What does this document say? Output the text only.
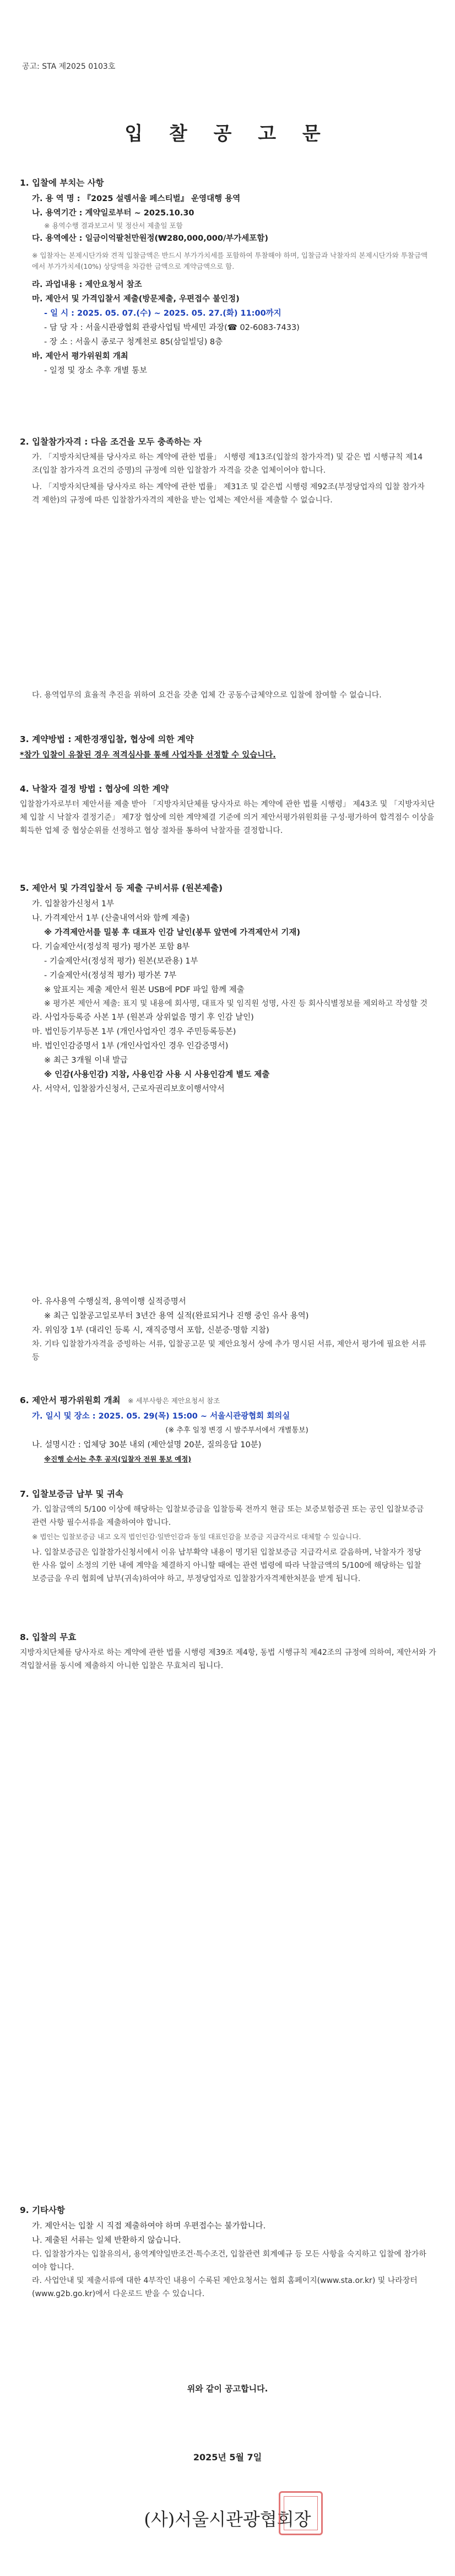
공고: STA 제2025 0103호
입 찰 공 고 문
1. 입찰에 부치는 사항
가. 용 역 명 : 『2025 설렘서울 페스티벌』 운영대행 용역
나. 용역기간 : 계약일로부터 ~ 2025.10.30
※ 용역수행 결과보고서 및 정산서 제출일 포함
다. 용역예산 : 일금이억팔천만원정(₩280,000,000/부가세포함)
※ 입찰자는 본제시단가와 견적 입찰금액은 반드시 부가가치세를 포함하여 투찰해야 하며, 입찰금과 낙찰자의 본제시단가와 투찰금액에서 부가가치세(10%) 상당액을 차감한 금액으로 계약금액으로 함.
라. 과업내용 : 제안요청서 참조
마. 제안서 및 가격입찰서 제출(방문제출, 우편접수 불인정)
- 일 시 : 2025. 05. 07.(수) ~ 2025. 05. 27.(화) 11:00까지
- 담 당 자 : 서울시관광협회 관광사업팀 박세민 과장(☎ 02-6083-7433)
- 장 소 : 서울시 종로구 청계천로 85(삼일빌딩) 8층
바. 제안서 평가위원회 개최
- 일정 및 장소 추후 개별 통보
2. 입찰참가자격 : 다음 조건을 모두 충족하는 자
가. 「지방자치단체를 당사자로 하는 계약에 관한 법률」 시행령 제13조(입찰의 참가자격) 및 같은 법 시행규칙 제14조(입찰 참가자격 요건의 증명)의 규정에 의한 입찰참가 자격을 갖춘 업체이어야 합니다.
나. 「지방자치단체를 당사자로 하는 계약에 관한 법률」 제31조 및 같은법 시행령 제92조(부정당업자의 입찰 참가자격 제한)의 규정에 따른 입찰참가자격의 제한을 받는 업체는 제안서를 제출할 수 없습니다.
다. 용역업무의 효율적 추진을 위하여 요건을 갖춘 업체 간 공동수급체약으로 입찰에 참여할 수 없습니다.
3. 계약방법 : 제한경쟁입찰, 협상에 의한 계약
*참가 입찰이 유찰된 경우 적격심사를 통해 사업자를 선정할 수 있습니다.
4. 낙찰자 결정 방법 : 협상에 의한 계약
입찰참가자로부터 제안서를 제출 받아 「지방자치단체를 당사자로 하는 계약에 관한 법률 시행령」 제43조 및 「지방자치단체 입찰 시 낙찰자 결정기준」 제7장 협상에 의한 계약체결 기준에 의거 제안서평가위원회를 구성·평가하여 합격점수 이상을 획득한 업체 중 협상순위를 선정하고 협상 절차를 통하여 낙찰자를 결정합니다.
5. 제안서 및 가격입찰서 등 제출 구비서류 (원본제출)
가. 입찰참가신청서 1부
나. 가격제안서 1부 (산출내역서와 함께 제출)
※ 가격제안서를 밀봉 후 대표자 인감 날인(봉투 앞면에 가격제안서 기재)
다. 기술제안서(정성적 평가) 평가본 포함 8부
- 기술제안서(정성적 평가) 원본(보관용) 1부
- 기술제안서(정성적 평가) 평가본 7부
※ 앞표지는 제출 제안서 원본 USB에 PDF 파일 함께 제출
※ 평가본 제안서 제출: 표지 및 내용에 회사명, 대표자 및 임직원 성명, 사진 등 회사식별정보를 제외하고 작성할 것
라. 사업자등록증 사본 1부 (원본과 상위없음 명기 후 인감 날인)
마. 법인등기부등본 1부 (개인사업자인 경우 주민등록등본)
바. 법인인감증명서 1부 (개인사업자인 경우 인감증명서)
※ 최근 3개월 이내 발급
※ 인감(사용인감) 지참, 사용인감 사용 시 사용인감계 별도 제출
사. 서약서, 입찰참가신청서, 근로자권리보호이행서약서
아. 유사용역 수행실적, 용역이행 실적증명서
※ 최근 입찰공고일로부터 3년간 용역 실적(완료되거나 진행 중인 유사 용역)
자. 위임장 1부 (대리인 등록 시, 재직증명서 포함, 신분증·명함 지참)
차. 기타 입찰참가자격을 증빙하는 서류, 입찰공고문 및 제안요청서 상에 추가 명시된 서류, 제안서 평가에 필요한 서류 등
6. 제안서 평가위원회 개최 ※ 세부사항은 제안요청서 참조
가. 일시 및 장소 : 2025. 05. 29(목) 15:00 ~ 서울시관광협회 회의실
(※ 추후 일정 변경 시 발주부서에서 개별통보)
나. 설명시간 : 업체당 30분 내외 (제안설명 20분, 질의응답 10분)
※진행 순서는 추후 공지(입찰자 전원 통보 예정)
7. 입찰보증금 납부 및 귀속
가. 입찰금액의 5/100 이상에 해당하는 입찰보증금을 입찰등록 전까지 현금 또는 보증보험증권 또는 공인 입찰보증금 관련 사항 필수서류을 제출하여야 합니다.
※ 법인는 입찰보증금 내고 오직 법인인감·일반인감과 동일 대표인감을 보증금 지급각서로 대체할 수 있습니다.
나. 입찰보증금은 입찰참가신청서에서 이유 납부확약 내용이 명기된 입찰보증금 지급각서로 갈음하며, 낙찰자가 정당한 사유 없이 소정의 기한 내에 계약을 체결하지 아니할 때에는 관련 법령에 따라 낙찰금액의 5/100에 해당하는 입찰보증금을 우리 협회에 납부(귀속)하여야 하고, 부정당업자로 입찰참가자격제한처분을 받게 됩니다.
8. 입찰의 무효
지방자치단체를 당사자로 하는 계약에 관한 법률 시행령 제39조 제4항, 동법 시행규칙 제42조의 규정에 의하여, 제안서와 가격입찰서를 동시에 제출하지 아니한 입찰은 무효처리 됩니다.
9. 기타사항
가. 제안서는 입찰 시 직접 제출하여야 하며 우편접수는 불가합니다.
나. 제출된 서류는 일체 반환하지 않습니다.
다. 입찰참가자는 입찰유의서, 용역계약일반조건·특수조건, 입찰관련 회계예규 등 모든 사항을 숙지하고 입찰에 참가하여야 합니다.
라. 사업안내 및 제출서류에 대한 4부작인 내용이 수록된 제안요청서는 협회 홈페이지(www.sta.or.kr) 및 나라장터(www.g2b.go.kr)에서 다운로드 받을 수 있습니다.
위와 같이 공고합니다.
2025년 5월 7일
(사)서울시관광협회장
